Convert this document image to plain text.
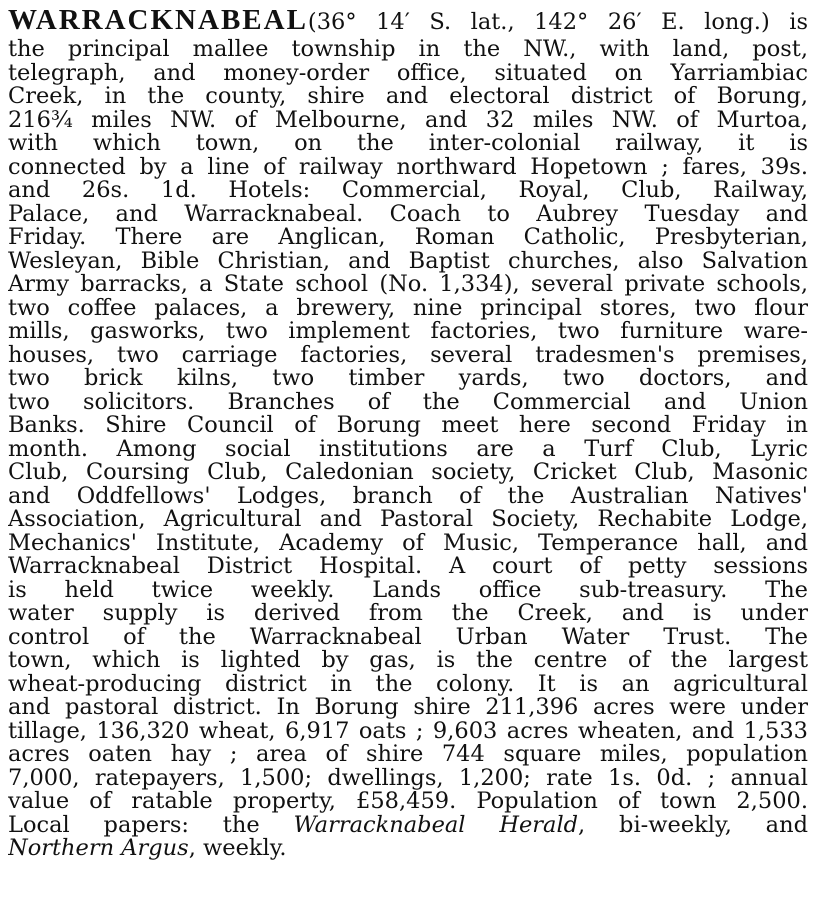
WARRACKNABEAL(36° 14′ S. lat., 142° 26′ E. long.) is
the principal mallee township in the NW., with land, post,
telegraph, and money-order office, situated on Yarriambiac
Creek, in the county, shire and electoral district of Borung,
216¾ miles NW. of Melbourne, and 32 miles NW. of Murtoa,
with which town, on the inter-colonial railway, it is
connected by a line of railway northward Hopetown ; fares, 39s.
and 26s. 1d. Hotels: Commercial, Royal, Club, Railway,
Palace, and Warracknabeal. Coach to Aubrey Tuesday and
Friday. There are Anglican, Roman Catholic, Presbyterian,
Wesleyan, Bible Christian, and Baptist churches, also Salvation
Army barracks, a State school (No. 1,334), several private schools,
two coffee palaces, a brewery, nine principal stores, two flour
mills, gasworks, two implement factories, two furniture ware-
houses, two carriage factories, several tradesmen's premises,
two brick kilns, two timber yards, two doctors, and
two solicitors. Branches of the Commercial and Union
Banks. Shire Council of Borung meet here second Friday in
month. Among social institutions are a Turf Club, Lyric
Club, Coursing Club, Caledonian society, Cricket Club, Masonic
and Oddfellows' Lodges, branch of the Australian Natives'
Association, Agricultural and Pastoral Society, Rechabite Lodge,
Mechanics' Institute, Academy of Music, Temperance hall, and
Warracknabeal District Hospital. A court of petty sessions
is held twice weekly. Lands office sub-treasury. The
water supply is derived from the Creek, and is under
control of the Warracknabeal Urban Water Trust. The
town, which is lighted by gas, is the centre of the largest
wheat-producing district in the colony. It is an agricultural
and pastoral district. In Borung shire 211,396 acres were under
tillage, 136,320 wheat, 6,917 oats ; 9,603 acres wheaten, and 1,533
acres oaten hay ; area of shire 744 square miles, population
7,000, ratepayers, 1,500; dwellings, 1,200; rate 1s. 0d. ; annual
value of ratable property, £58,459. Population of town 2,500.
Local papers: the Warracknabeal Herald, bi-weekly, and
Northern Argus, weekly.
